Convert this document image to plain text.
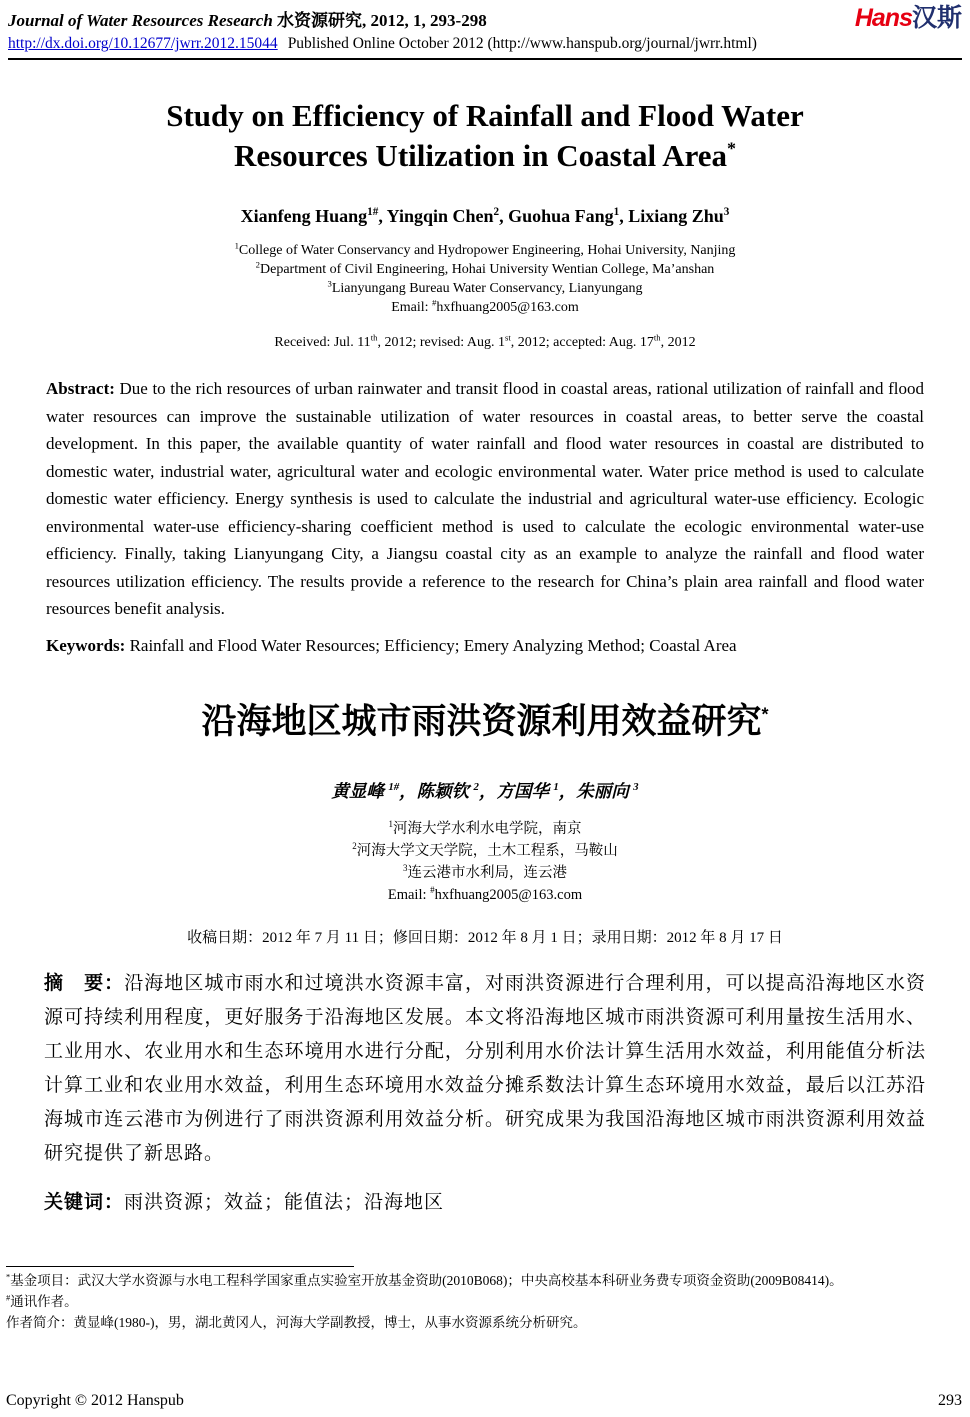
Journal of Water Resources Research 水资源研究, 2012, 1, 293-298	Hans汉斯
http://dx.doi.org/10.12677/jwrr.2012.15044 Published Online October 2012 (http://www.hanspub.org/journal/jwrr.html)
Study on Efficiency of Rainfall and Flood Water
Resources Utilization in Coastal Area*
Xianfeng Huang$^{1\#}$, Yingqin Chen$^2$, Guohua Fang$^1$, Lixiang Zhu$^3$
$^1$College of Water Conservancy and Hydropower Engineering, Hohai University, Nanjing
$^2$Department of Civil Engineering, Hohai University Wentian College, Ma’anshan
$^3$Lianyungang Bureau Water Conservancy, Lianyungang
Email: #hxfhuang2005@163.com
Received: Jul. 11th, 2012; revised: Aug. 1st, 2012; accepted: Aug. 17th, 2012

Abstract: Due to the rich resources of urban rainwater and transit flood in coastal areas, rational utilization of rainfall and flood water resources can improve the sustainable utilization of water resources in coastal areas, to better serve the coastal development. In this paper, the available quantity of water rainfall and flood water resources in coastal are distributed to domestic water, industrial water, agricultural water and ecologic environmental water. Water price method is used to calculate domestic water efficiency. Energy synthesis is used to calculate the industrial and agricultural water-use efficiency. Ecologic environmental water-use efficiency-sharing coefficient method is used to calculate the ecologic environmental water-use efficiency. Finally, taking Lianyungang City, a Jiangsu coastal city as an example to analyze the rainfall and flood water resources utilization efficiency. The results provide a reference to the research for China’s plain area rainfall and flood water resources benefit analysis.

Keywords: Rainfall and Flood Water Resources; Efficiency; Emery Analyzing Method; Coastal Area

沿海地区城市雨洪资源利用效益研究*
黄显峰 $^{1\#}$，陈颖钦 $^2$，方国华 $^1$，朱丽向 $^3$
$^1$河海大学水利水电学院，南京
$^2$河海大学文天学院，土木工程系，马鞍山
$^3$连云港市水利局，连云港
Email: #hxfhuang2005@163.com
收稿日期：2012 年 7 月 11 日；修回日期：2012 年 8 月 1 日；录用日期：2012 年 8 月 17 日

摘　要：沿海地区城市雨水和过境洪水资源丰富，对雨洪资源进行合理利用，可以提高沿海地区水资源可持续利用程度，更好服务于沿海地区发展。本文将沿海地区城市雨洪资源可利用量按生活用水、工业用水、农业用水和生态环境用水进行分配，分别利用水价法计算生活用水效益，利用能值分析法计算工业和农业用水效益，利用生态环境用水效益分摊系数法计算生态环境用水效益，最后以江苏沿海城市连云港市为例进行了雨洪资源利用效益分析。研究成果为我国沿海地区城市雨洪资源利用效益研究提供了新思路。

关键词：雨洪资源；效益；能值法；沿海地区

*基金项目：武汉大学水资源与水电工程科学国家重点实验室开放基金资助(2010B068)；中央高校基本科研业务费专项资金资助(2009B08414)。

#通讯作者。

作者简介：黄显峰(1980-)，男，湖北黄冈人，河海大学副教授，博士，从事水资源系统分析研究。

Copyright © 2012 Hanspub	293
